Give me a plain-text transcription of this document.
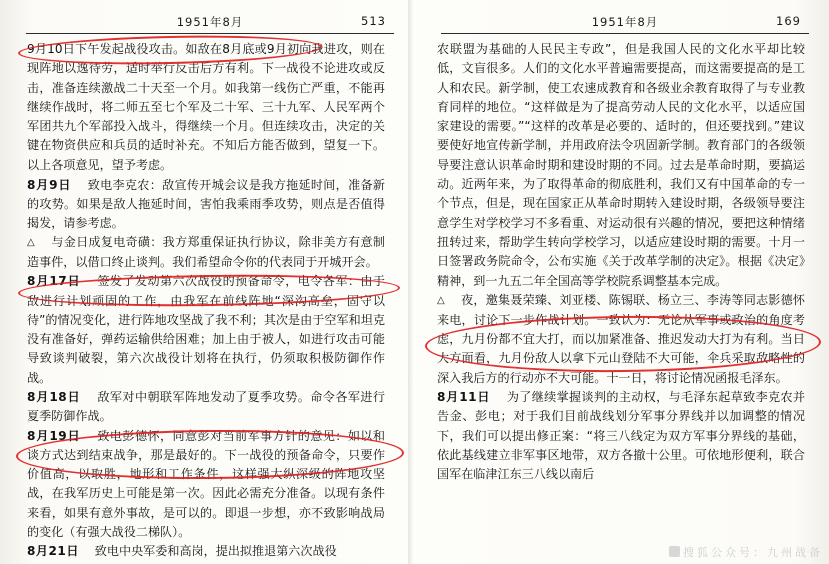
1951年8月	513

9月10日下午发起战役攻击。如敌在8月底或9月初向我进攻，则在现阵地以逸待劳，适时举行反击后方有利。下一战役不论进攻或反击，准备连续激战二十天至一个月。如我第一线伤亡严重，不能再继续作战时，将二师五至七个军及二十军、三十九军、人民军两个军团共九个军部投入战斗，得继续一个月。但连续攻击，决定的关键在物资供应和兵员的适时补充。不知后方能否做到，望复一下。以上各项意见，望予考虑。

8月9日 致电李克农：敌宣传开城会议是我方拖延时间，准备新的攻势。如果是敌人拖延时间，害怕我乘雨季攻势，则点是否值得揭发，请参考虑。

△ 与金日成复电奇磺：我方郑重保证执行协议，除非美方有意制造事件，以借口终止谈判。我们希望命令你的代表同于开城开会。

8月17日 签发了发动第六次战役的预备命令，电令各军：由于敌进行计划顽固的工作，由我军在前线阵地“深沟高垒，固守以待”的情况变化，进行阵地攻坚战了我不利；其次是由于空军和坦克没有准备好，弹药运输供给困难；加上由于被人，如进行攻击可能导致谈判破裂，第六次战役计划将在执行，仍须取积极防御作作战。

8月18日 敌军对中朝联军阵地发动了夏季攻势。命令各军进行夏季防御作战。

8月19日 致电彭德怀，同意彭对当前军事方针的意见：如以和谈方式达到结束战争，那是最好的。下一战役的预备命令，只要作价值高，以取胜，地形和工作条件，这样强大纵深级的阵地攻坚战，在我军历史上可能是第一次。因此必需充分准备。以现有条件来看，如果有意外事故，是可以的。即退一步想，亦不致影响战局的变化（有强大战役二梯队）。

8月21日 致电中央军委和高岗，提出拟推退第六次战役

1951年8月	169

农联盟为基础的人民民主专政”，但是我国人民的文化水平却比较低，文盲很多。人们的文化水平普遍需要提高，而这需要提高的是工人和农民。新学制，使工农速成教育和各级业余教育取得了与专业教育同样的地位。“这样做是为了提高劳动人民的文化水平，以适应国家建设的需要。”“这样的改革是必要的、适时的，但还要找到。”建议要使好地宣传新学制，并用政府法令巩固新学制。教育部门的各级领导要注意认识革命时期和建设时期的不同。过去是革命时期，要搞运动。近两年来，为了取得革命的彻底胜利，我们又有中国革命的专一个节点，但是，现在国家正从革命时期转入建设时期，各级领导要注意学生对学校学习不多看重、对运动很有兴趣的情况，要把这种情绪扭转过来，帮助学生转向学校学习，以适应建设时期的需要。十月一日签署政务院命令，公布实施《关于改革学制的决定》。根据《决定》精神，到一九五二年全国高等学校院系调整基本完成。

△ 夜，邀集聂荣臻、刘亚楼、陈锡联、杨立三、李涛等同志影德怀来电，讨论下一步作战计划。一致认为：无论从军事或政治的角度考虑，九月份都不宜大打，而以加紧准备、推迟发动大打为有利。当日大方面看，九月份敌人以拿下元山登陆不大可能，伞兵采取敌略性的深入我后方的行动亦不大可能。十一日，将讨论情况函报毛泽东。

8月11日 为了继续掌握谈判的主动权，与毛泽东起草致李克农并告金、彭电；对于我们目前战线划分军事分界线并以加调整的情况下，我们可以提出修正案：“将三八线定为双方军事分界线的基础，依此基线建立非军事区地带，双方各撤十公里。可依地形便利，联合国军在临津江东三八线以南后

搜狐公众号：九州战备
